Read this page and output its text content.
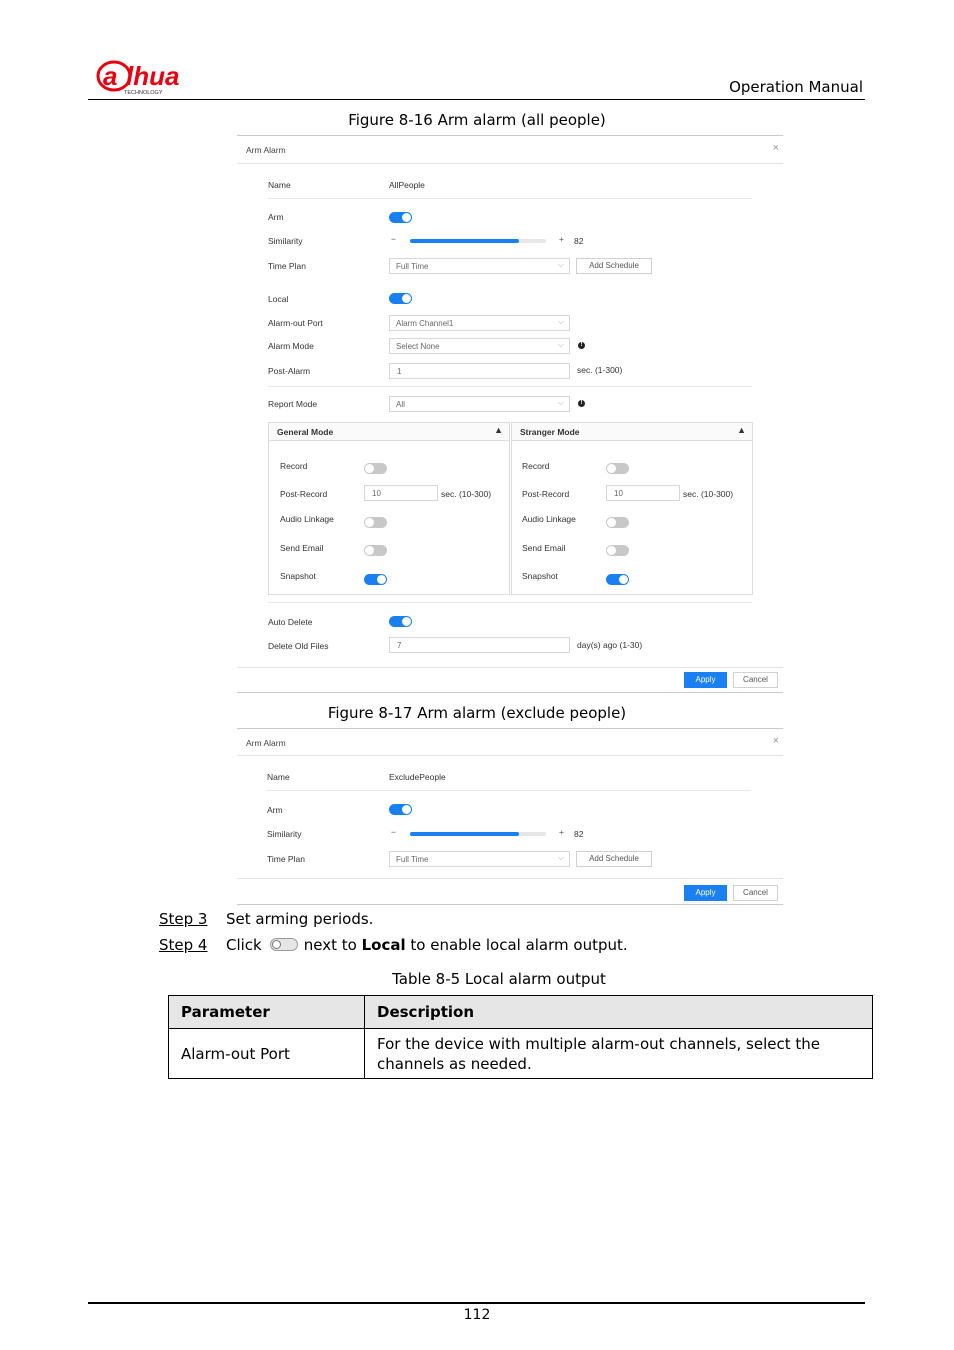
a lhua
TECHNOLOGY	Operation Manual
Figure 8-16 Arm alarm (all people)
Arm Alarm	×
Name	AllPeople
Arm
Similarity	−	+ 82
Time Plan	Full Time	⌵	Add Schedule
Local
Alarm-out Port	Alarm Channel1	⌵
Alarm Mode	Select None	⌵	!
Post-Alarm	1	sec. (1-300)
Report Mode	All	⌵	!
General Mode	▲
Record
Post-Record	10	sec. (10-300)
Audio Linkage
Send Email
Snapshot
Stranger Mode	▲
Record
Post-Record	10	sec. (10-300)
Audio Linkage
Send Email
Snapshot
Auto Delete
Delete Old Files	7	day(s) ago (1-30)
Apply	Cancel
Figure 8-17 Arm alarm (exclude people)
Arm Alarm	×
Name	ExcludePeople
Arm
Similarity	−	+ 82
Time Plan	Full Time	⌵	Add Schedule
Apply	Cancel
Step 3 Set arming periods.
Step 4 Click	next to Local to enable local alarm output.
Table 8-5 Local alarm output
Parameter	Description
Alarm-out Port	For the device with multiple alarm-out channels, select the channels as needed.
112
